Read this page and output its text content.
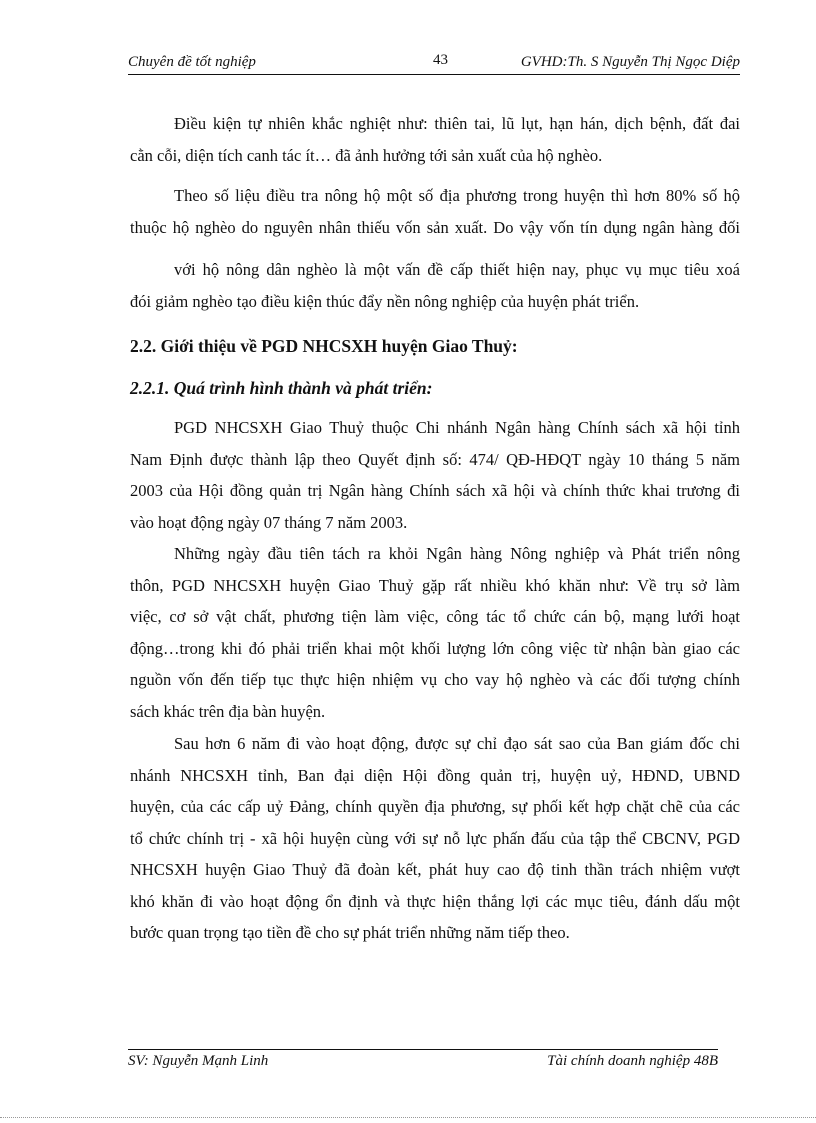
Chuyên đề tốt nghiệp	43	GVHD:Th. S Nguyễn Thị Ngọc Diệp
Điều kiện tự nhiên khắc nghiệt như: thiên tai, lũ lụt, hạn hán, dịch bệnh, đất đai
cằn cỗi, diện tích canh tác ít… đã ảnh hưởng tới sản xuất của hộ nghèo.
Theo số liệu điều tra nông hộ một số địa phương trong huyện thì hơn 80% số hộ
thuộc hộ nghèo do nguyên nhân thiếu vốn sản xuất. Do vậy vốn tín dụng ngân hàng đối
với hộ nông dân nghèo là một vấn đề cấp thiết hiện nay, phục vụ mục tiêu xoá
đói giảm nghèo tạo điều kiện thúc đẩy nền nông nghiệp của huyện phát triển.
2.2. Giới thiệu về PGD NHCSXH huyện Giao Thuỷ:
2.2.1. Quá trình hình thành và phát triển:
PGD NHCSXH Giao Thuỷ thuộc Chi nhánh Ngân hàng Chính sách xã hội tỉnh
Nam Định được thành lập theo Quyết định số: 474/ QĐ-HĐQT ngày 10 tháng 5 năm
2003 của Hội đồng quản trị Ngân hàng Chính sách xã hội và chính thức khai trương đi
vào hoạt động ngày 07 tháng 7 năm 2003.
Những ngày đầu tiên tách ra khỏi Ngân hàng Nông nghiệp và Phát triển nông
thôn, PGD NHCSXH huyện Giao Thuỷ gặp rất nhiều khó khăn như: Về trụ sở làm
việc, cơ sở vật chất, phương tiện làm việc, công tác tổ chức cán bộ, mạng lưới hoạt
động…trong khi đó phải triển khai một khối lượng lớn công việc từ nhận bàn giao các
nguồn vốn đến tiếp tục thực hiện nhiệm vụ cho vay hộ nghèo và các đối tượng chính
sách khác trên địa bàn huyện.
Sau hơn 6 năm đi vào hoạt động, được sự chỉ đạo sát sao của Ban giám đốc chi
nhánh NHCSXH tỉnh, Ban đại diện Hội đồng quản trị, huyện uỷ, HĐND, UBND
huyện, của các cấp uỷ Đảng, chính quyền địa phương, sự phối kết hợp chặt chẽ của các
tổ chức chính trị - xã hội huyện cùng với sự nỗ lực phấn đấu của tập thể CBCNV, PGD
NHCSXH huyện Giao Thuỷ đã đoàn kết, phát huy cao độ tinh thần trách nhiệm vượt
khó khăn đi vào hoạt động ổn định và thực hiện thắng lợi các mục tiêu, đánh dấu một
bước quan trọng tạo tiền đề cho sự phát triển những năm tiếp theo.
SV: Nguyễn Mạnh Linh	Tài chính doanh nghiệp 48B
